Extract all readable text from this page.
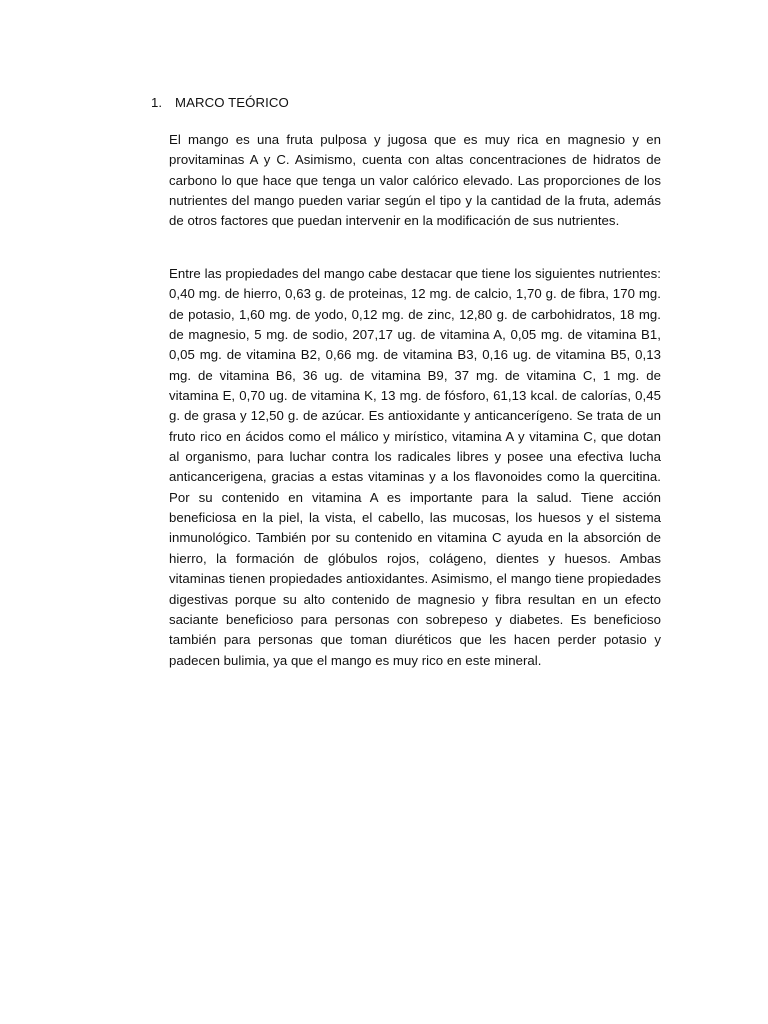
1. MARCO TEÓRICO

El mango es una fruta pulposa y jugosa que es muy rica en magnesio y en provitaminas A y C. Asimismo, cuenta con altas concentraciones de hidratos de carbono lo que hace que tenga un valor calórico elevado. Las proporciones de los nutrientes del mango pueden variar según el tipo y la cantidad de la fruta, además de otros factores que puedan intervenir en la modificación de sus nutrientes.

Entre las propiedades del mango cabe destacar que tiene los siguientes nutrientes: 0,40 mg. de hierro, 0,63 g. de proteinas, 12 mg. de calcio, 1,70 g. de fibra, 170 mg. de potasio, 1,60 mg. de yodo, 0,12 mg. de zinc, 12,80 g. de carbohidratos, 18 mg. de magnesio, 5 mg. de sodio, 207,17 ug. de vitamina A, 0,05 mg. de vitamina B1, 0,05 mg. de vitamina B2, 0,66 mg. de vitamina B3, 0,16 ug. de vitamina B5, 0,13 mg. de vitamina B6, 36 ug. de vitamina B9, 37 mg. de vitamina C, 1 mg. de vitamina E, 0,70 ug. de vitamina K, 13 mg. de fósforo, 61,13 kcal. de calorías, 0,45 g. de grasa y 12,50 g. de azúcar. Es antioxidante y anticancerígeno. Se trata de un fruto rico en ácidos como el málico y mirístico, vitamina A y vitamina C, que dotan al organismo, para luchar contra los radicales libres y posee una efectiva lucha anticancerigena, gracias a estas vitaminas y a los flavonoides como la quercitina. Por su contenido en vitamina A es importante para la salud. Tiene acción beneficiosa en la piel, la vista, el cabello, las mucosas, los huesos y el sistema inmunológico. También por su contenido en vitamina C ayuda en la absorción de hierro, la formación de glóbulos rojos, colágeno, dientes y huesos. Ambas vitaminas tienen propiedades antioxidantes. Asimismo, el mango tiene propiedades digestivas porque su alto contenido de magnesio y fibra resultan en un efecto saciante beneficioso para personas con sobrepeso y diabetes. Es beneficioso también para personas que toman diuréticos que les hacen perder potasio y padecen bulimia, ya que el mango es muy rico en este mineral.
